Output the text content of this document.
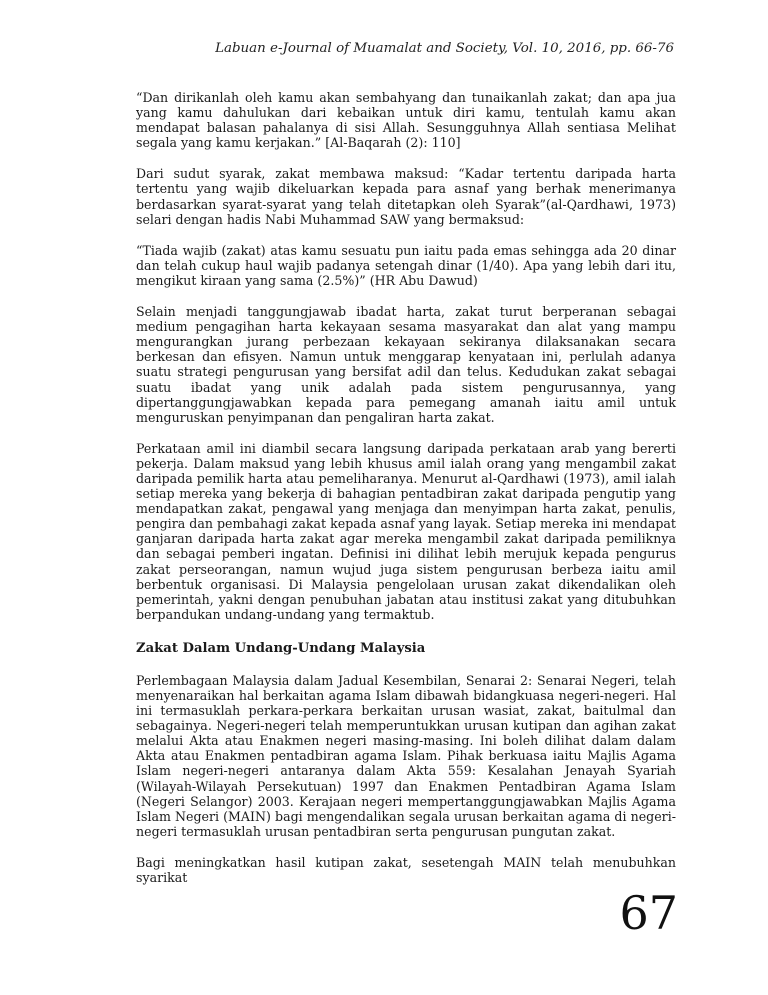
Labuan e-Journal of Muamalat and Society, Vol. 10, 2016, pp. 66-76

“Dan dirikanlah oleh kamu akan sembahyang dan tunaikanlah zakat; dan apa jua yang kamu dahulukan dari kebaikan untuk diri kamu, tentulah kamu akan mendapat balasan pahalanya di sisi Allah. Sesungguhnya Allah sentiasa Melihat segala yang kamu kerjakan.” [Al-Baqarah (2): 110]

Dari sudut syarak, zakat membawa maksud: “Kadar tertentu daripada harta tertentu yang wajib dikeluarkan kepada para asnaf yang berhak menerimanya berdasarkan syarat-syarat yang telah ditetapkan oleh Syarak”(al-Qardhawi, 1973) selari dengan hadis Nabi Muhammad SAW yang bermaksud:

“Tiada wajib (zakat) atas kamu sesuatu pun iaitu pada emas sehingga ada 20 dinar dan telah cukup haul wajib padanya setengah dinar (1/40). Apa yang lebih dari itu, mengikut kiraan yang sama (2.5%)” (HR Abu Dawud)

Selain menjadi tanggungjawab ibadat harta, zakat turut berperanan sebagai medium pengagihan harta kekayaan sesama masyarakat dan alat yang mampu mengurangkan jurang perbezaan kekayaan sekiranya dilaksanakan secara berkesan dan efisyen. Namun untuk menggarap kenyataan ini, perlulah adanya suatu strategi pengurusan yang bersifat adil dan telus. Kedudukan zakat sebagai suatu ibadat yang unik adalah pada sistem pengurusannya, yang dipertanggungjawabkan kepada para pemegang amanah iaitu amil untuk menguruskan penyimpanan dan pengaliran harta zakat.

Perkataan amil ini diambil secara langsung daripada perkataan arab yang bererti pekerja. Dalam maksud yang lebih khusus amil ialah orang yang mengambil zakat daripada pemilik harta atau pemeliharanya. Menurut al-Qardhawi (1973), amil ialah setiap mereka yang bekerja di bahagian pentadbiran zakat daripada pengutip yang mendapatkan zakat, pengawal yang menjaga dan menyimpan harta zakat, penulis, pengira dan pembahagi zakat kepada asnaf yang layak. Setiap mereka ini mendapat ganjaran daripada harta zakat agar mereka mengambil zakat daripada pemiliknya dan sebagai pemberi ingatan. Definisi ini dilihat lebih merujuk kepada pengurus zakat perseorangan, namun wujud juga sistem pengurusan berbeza iaitu amil berbentuk organisasi. Di Malaysia pengelolaan urusan zakat dikendalikan oleh pemerintah, yakni dengan penubuhan jabatan atau institusi zakat yang ditubuhkan berpandukan undang-undang yang termaktub.

Zakat Dalam Undang-Undang Malaysia

Perlembagaan Malaysia dalam Jadual Kesembilan, Senarai 2: Senarai Negeri, telah menyenaraikan hal berkaitan agama Islam dibawah bidangkuasa negeri-negeri. Hal ini termasuklah perkara-perkara berkaitan urusan wasiat, zakat, baitulmal dan sebagainya. Negeri-negeri telah memperuntukkan urusan kutipan dan agihan zakat melalui Akta atau Enakmen negeri masing-masing. Ini boleh dilihat dalam dalam Akta atau Enakmen pentadbiran agama Islam. Pihak berkuasa iaitu Majlis Agama Islam negeri-negeri antaranya dalam Akta 559: Kesalahan Jenayah Syariah (Wilayah-Wilayah Persekutuan) 1997 dan Enakmen Pentadbiran Agama Islam (Negeri Selangor) 2003. Kerajaan negeri mempertanggungjawabkan Majlis Agama Islam Negeri (MAIN) bagi mengendalikan segala urusan berkaitan agama di negeri-negeri termasuklah urusan pentadbiran serta pengurusan pungutan zakat.

Bagi meningkatkan hasil kutipan zakat, sesetengah MAIN telah menubuhkan syarikat

67
